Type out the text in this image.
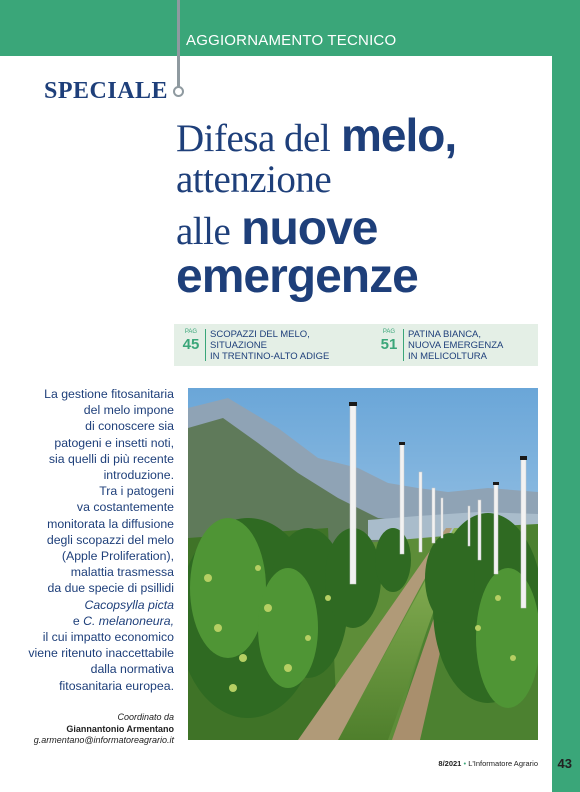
AGGIORNAMENTO TECNICO
SPECIALE
Difesa del melo,
attenzione
alle nuove
emergenze
PAG
45
SCOPAZZI DEL MELO,
SITUAZIONE
IN TRENTINO-ALTO ADIGE
PAG
51
PATINA BIANCA,
NUOVA EMERGENZA
IN MELICOLTURA
La gestione fitosanitaria
del melo impone
di conoscere sia
patogeni e insetti noti,
sia quelli di più recente
introduzione.
Tra i patogeni
va costantemente
monitorata la diffusione
degli scopazzi del melo
(Apple Proliferation),
malattia trasmessa
da due specie di psillidi
Cacopsylla picta
e C. melanoneura,
il cui impatto economico
viene ritenuto inaccettabile
dalla normativa
fitosanitaria europea.
Coordinato da
Giannantonio Armentano
g.armentano@informatoreagrario.it
8/2021 • L'Informatore Agrario 43
